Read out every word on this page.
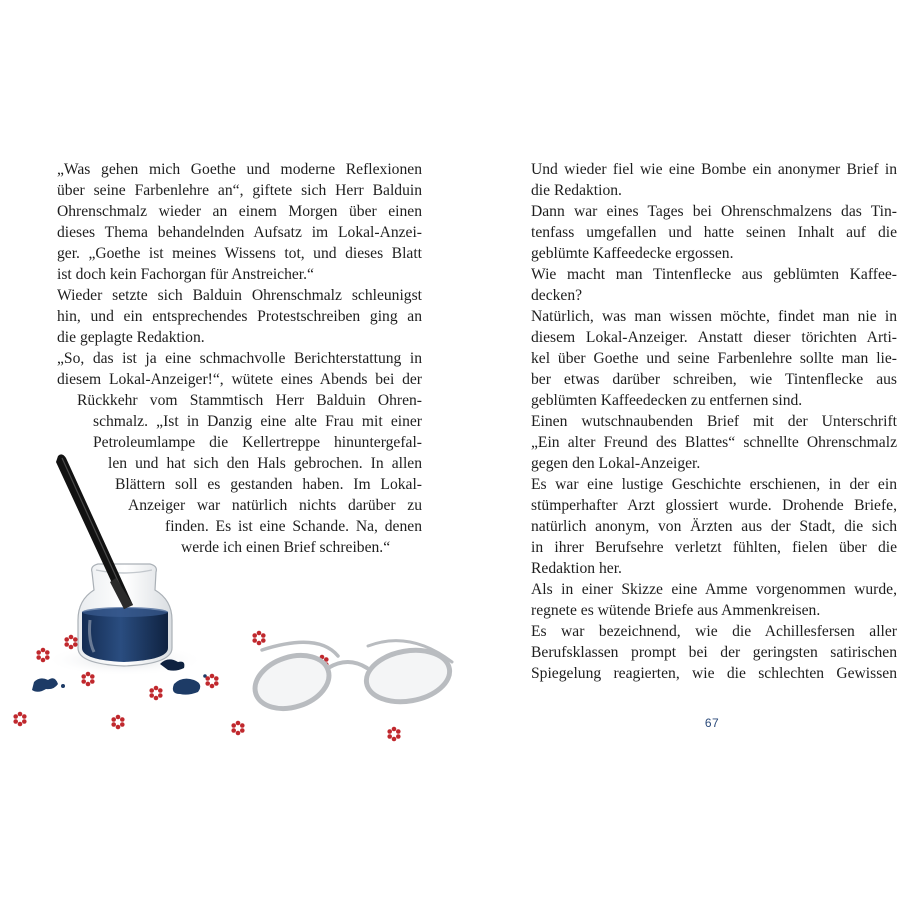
„Was gehen mich Goethe und moderne Reflexionen
über seine Farbenlehre an“, giftete sich Herr Balduin
Ohrenschmalz wieder an einem Morgen über einen
dieses Thema behandelnden Aufsatz im Lokal-Anzei-
ger. „Goethe ist meines Wissens tot, und dieses Blatt
ist doch kein Fachorgan für Anstreicher.“
Wieder setzte sich Balduin Ohrenschmalz schleunigst
hin, und ein entsprechendes Protestschreiben ging an
die geplagte Redaktion.
„So, das ist ja eine schmachvolle Berichterstattung in
diesem Lokal-Anzeiger!“, wütete eines Abends bei der
Rückkehr vom Stammtisch Herr Balduin Ohren-
schmalz. „Ist in Danzig eine alte Frau mit einer
Petroleumlampe die Kellertreppe hinuntergefal-
len und hat sich den Hals gebrochen. In allen
Blättern soll es gestanden haben. Im Lokal-
Anzeiger war natürlich nichts darüber zu
finden. Es ist eine Schande. Na, denen
werde ich einen Brief schreiben.“
Und wieder fiel wie eine Bombe ein anonymer Brief in
die Redaktion.
Dann war eines Tages bei Ohrenschmalzens das Tin-
tenfass umgefallen und hatte seinen Inhalt auf die
geblümte Kaffeedecke ergossen.
Wie macht man Tintenflecke aus geblümten Kaffee-
decken?
Natürlich, was man wissen möchte, findet man nie in
diesem Lokal-Anzeiger. Anstatt dieser törichten Arti-
kel über Goethe und seine Farbenlehre sollte man lie-
ber etwas darüber schreiben, wie Tintenflecke aus
geblümten Kaffeedecken zu entfernen sind.
Einen wutschnaubenden Brief mit der Unterschrift
„Ein alter Freund des Blattes“ schnellte Ohrenschmalz
gegen den Lokal-Anzeiger.
Es war eine lustige Geschichte erschienen, in der ein
stümperhafter Arzt glossiert wurde. Drohende Briefe,
natürlich anonym, von Ärzten aus der Stadt, die sich
in ihrer Berufsehre verletzt fühlten, fielen über die
Redaktion her.
Als in einer Skizze eine Amme vorgenommen wurde,
regnete es wütende Briefe aus Ammenkreisen.
Es war bezeichnend, wie die Achillesfersen aller
Berufsklassen prompt bei der geringsten satirischen
Spiegelung reagierten, wie die schlechten Gewissen
67
